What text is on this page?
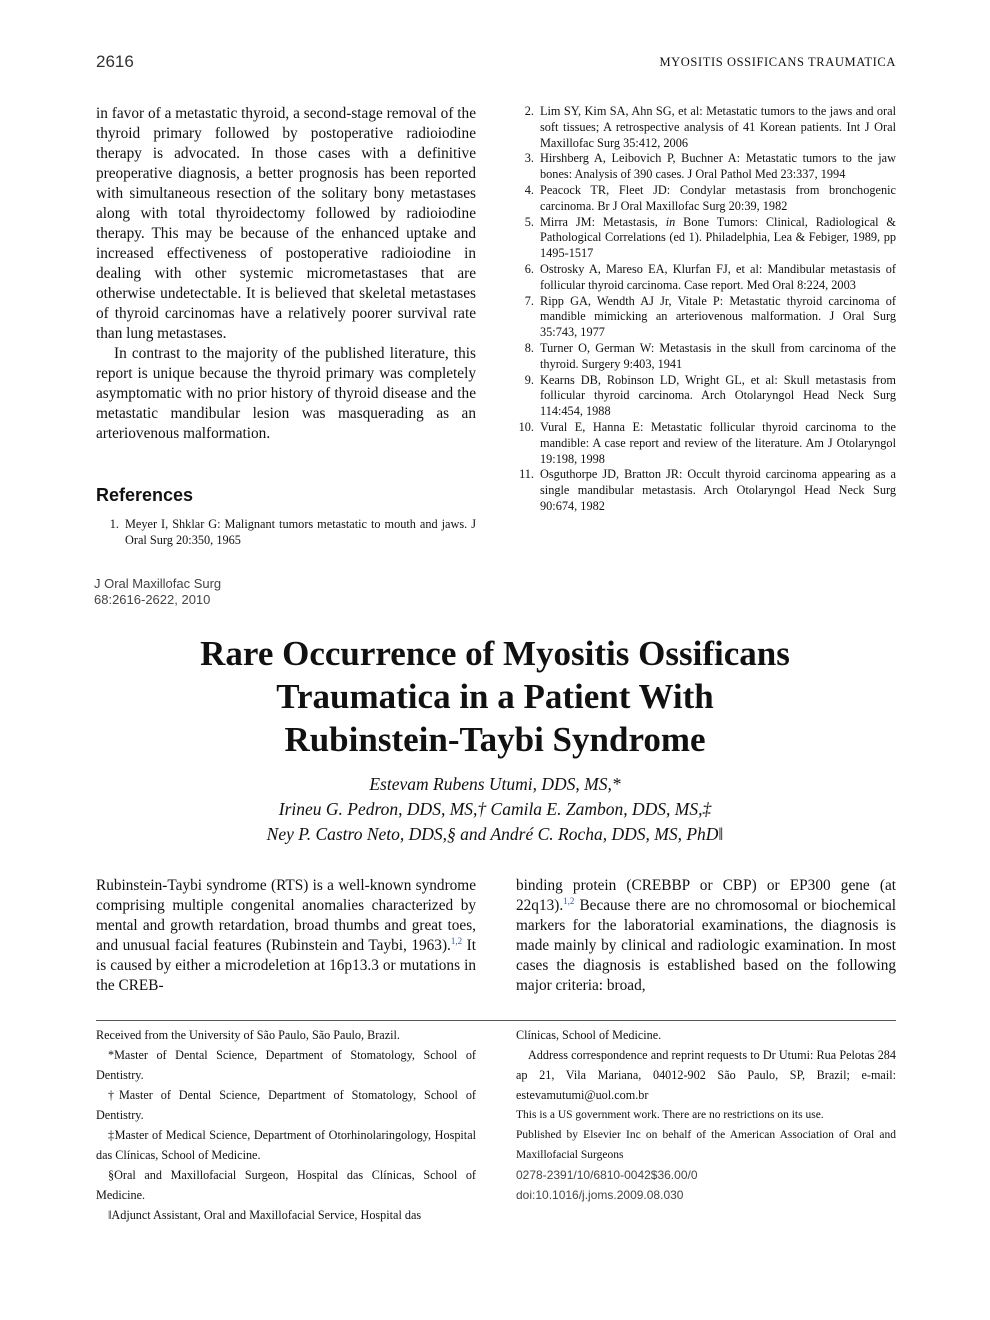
2616	MYOSITIS OSSIFICANS TRAUMATICA

in favor of a metastatic thyroid, a second-stage removal of the thyroid primary followed by postoperative radioiodine therapy is advocated. In those cases with a definitive preoperative diagnosis, a better prognosis has been reported with simultaneous resection of the solitary bony metastases along with total thyroidectomy followed by radioiodine therapy. This may be because of the enhanced uptake and increased effectiveness of postoperative radioiodine in dealing with other systemic micrometastases that are otherwise undetectable. It is believed that skeletal metastases of thyroid carcinomas have a relatively poorer survival rate than lung metastases.

In contrast to the majority of the published literature, this report is unique because the thyroid primary was completely asymptomatic with no prior history of thyroid disease and the metastatic mandibular lesion was masquerading as an arteriovenous malformation.

References
1. Meyer I, Shklar G: Malignant tumors metastatic to mouth and jaws. J Oral Surg 20:350, 1965
2. Lim SY, Kim SA, Ahn SG, et al: Metastatic tumors to the jaws and oral soft tissues; A retrospective analysis of 41 Korean patients. Int J Oral Maxillofac Surg 35:412, 2006
3. Hirshberg A, Leibovich P, Buchner A: Metastatic tumors to the jaw bones: Analysis of 390 cases. J Oral Pathol Med 23:337, 1994
4. Peacock TR, Fleet JD: Condylar metastasis from bronchogenic carcinoma. Br J Oral Maxillofac Surg 20:39, 1982
5. Mirra JM: Metastasis, in Bone Tumors: Clinical, Radiological & Pathological Correlations (ed 1). Philadelphia, Lea & Febiger, 1989, pp 1495-1517
6. Ostrosky A, Mareso EA, Klurfan FJ, et al: Mandibular metastasis of follicular thyroid carcinoma. Case report. Med Oral 8:224, 2003
7. Ripp GA, Wendth AJ Jr, Vitale P: Metastatic thyroid carcinoma of mandible mimicking an arteriovenous malformation. J Oral Surg 35:743, 1977
8. Turner O, German W: Metastasis in the skull from carcinoma of the thyroid. Surgery 9:403, 1941
9. Kearns DB, Robinson LD, Wright GL, et al: Skull metastasis from follicular thyroid carcinoma. Arch Otolaryngol Head Neck Surg 114:454, 1988
10. Vural E, Hanna E: Metastatic follicular thyroid carcinoma to the mandible: A case report and review of the literature. Am J Otolaryngol 19:198, 1998
11. Osguthorpe JD, Bratton JR: Occult thyroid carcinoma appearing as a single mandibular metastasis. Arch Otolaryngol Head Neck Surg 90:674, 1982
J Oral Maxillofac Surg
68:2616-2622, 2010
Rare Occurrence of Myositis Ossificans
Traumatica in a Patient With
Rubinstein-Taybi Syndrome
Estevam Rubens Utumi, DDS, MS,*
Irineu G. Pedron, DDS, MS,† Camila E. Zambon, DDS, MS,‡
Ney P. Castro Neto, DDS,§ and André C. Rocha, DDS, MS, PhD‖

Rubinstein-Taybi syndrome (RTS) is a well-known syndrome comprising multiple congenital anomalies characterized by mental and growth retardation, broad thumbs and great toes, and unusual facial features (Rubinstein and Taybi, 1963).$^{1,2}$ It is caused by either a microdeletion at 16p13.3 or mutations in the CREB-

binding protein (CREBBP or CBP) or EP300 gene (at 22q13).$^{1,2}$ Because there are no chromosomal or biochemical markers for the laboratorial examinations, the diagnosis is made mainly by clinical and radiologic examination. In most cases the diagnosis is established based on the following major criteria: broad,

Received from the University of São Paulo, São Paulo, Brazil.

*Master of Dental Science, Department of Stomatology, School of Dentistry.

†Master of Dental Science, Department of Stomatology, School of Dentistry.

‡Master of Medical Science, Department of Otorhinolaringology, Hospital das Clínicas, School of Medicine.

§Oral and Maxillofacial Surgeon, Hospital das Clínicas, School of Medicine.

‖Adjunct Assistant, Oral and Maxillofacial Service, Hospital das

Clínicas, School of Medicine.

Address correspondence and reprint requests to Dr Utumi: Rua Pelotas 284 ap 21, Vila Mariana, 04012-902 São Paulo, SP, Brazil; e-mail: estevamutumi@uol.com.br

This is a US government work. There are no restrictions on its use.

Published by Elsevier Inc on behalf of the American Association of Oral and Maxillofacial Surgeons

0278-2391/10/6810-0042$36.00/0

doi:10.1016/j.joms.2009.08.030
